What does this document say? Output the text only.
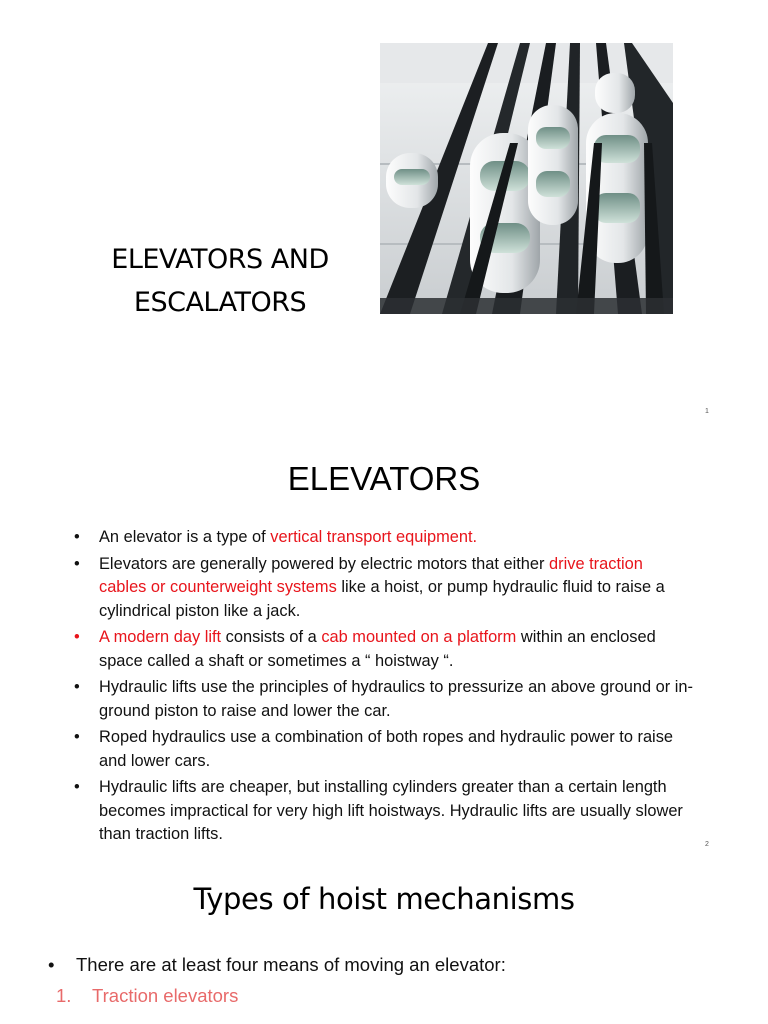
ELEVATORS AND
ESCALATORS
1
ELEVATORS
• An elevator is a type of vertical transport equipment.
• Elevators are generally powered by electric motors that either drive traction cables or counterweight systems like a hoist, or pump hydraulic fluid to raise a cylindrical piston like a jack.
• A modern day lift consists of a cab mounted on a platform within an enclosed space called a shaft or sometimes a “ hoistway “.
• Hydraulic lifts use the principles of hydraulics to pressurize an above ground or in-ground piston to raise and lower the car.
• Roped hydraulics use a combination of both ropes and hydraulic power to raise and lower cars.
• Hydraulic lifts are cheaper, but installing cylinders greater than a certain length becomes impractical for very high lift hoistways. Hydraulic lifts are usually slower than traction lifts.
2
Types of hoist mechanisms
• There are at least four means of moving an elevator:
1. Traction elevators
